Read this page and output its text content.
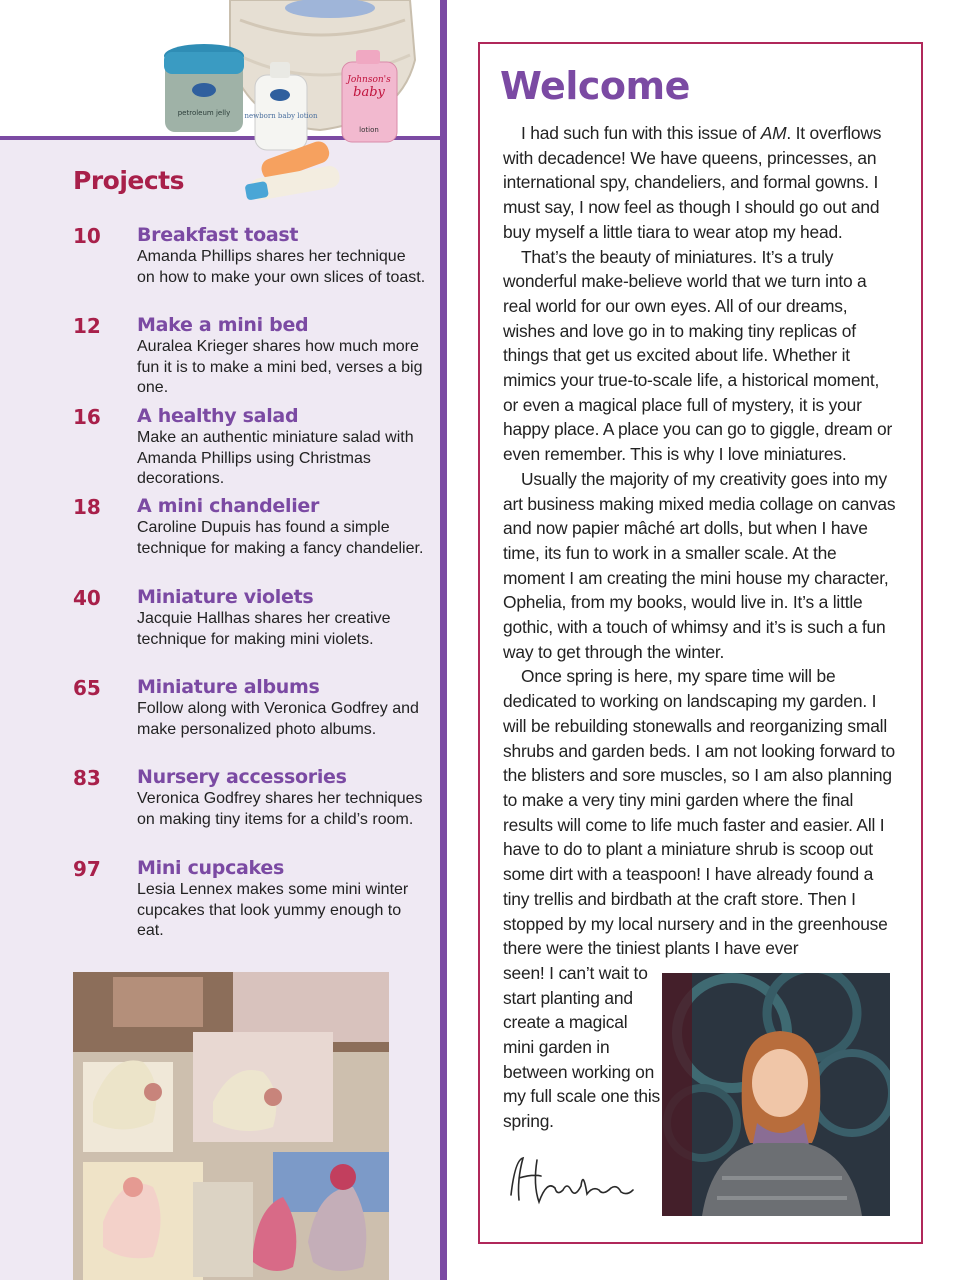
petroleum jelly newborn baby lotion
Johnson's
baby
lotion
Projects
10 Breakfast toast
Amanda Phillips shares her technique on how to make your own slices of toast.
12 Make a mini bed
Auralea Krieger shares how much more fun it is to make a mini bed, verses a big one.
16 A healthy salad
Make an authentic miniature salad with Amanda Phillips using Christmas decorations.
18 A mini chandelier
Caroline Dupuis has found a simple technique for making a fancy chandelier.
40 Miniature violets
Jacquie Hallhas shares her creative technique for making mini violets.
65 Miniature albums
Follow along with Veronica Godfrey and make personalized photo albums.
83 Nursery accessories
Veronica Godfrey shares her techniques on making tiny items for a child’s room.
97 Mini cupcakes
Lesia Lennex makes some mini winter cupcakes that look yummy enough to eat.
Welcome

I had such fun with this issue of AM. It overflows with decadence! We have queens, princesses, an international spy, chandeliers, and formal gowns. I must say, I now feel as though I should go out and buy myself a little tiara to wear atop my head.

That’s the beauty of miniatures. It’s a truly wonderful make-believe world that we turn into a real world for our own eyes. All of our dreams, wishes and love go in to making tiny replicas of things that get us excited about life. Whether it mimics your true-to-scale life, a historical moment, or even a magical place full of mystery, it is your happy place. A place you can go to giggle, dream or even remember. This is why I love miniatures.

Usually the majority of my creativity goes into my art business making mixed media collage on canvas and now papier mâché art dolls, but when I have time, its fun to work in a smaller scale. At the moment I am creating the mini house my character, Ophelia, from my books, would live in. It’s a little gothic, with a touch of whimsy and it’s is such a fun way to get through the winter.

Once spring is here, my spare time will be dedicated to working on landscaping my garden. I will be rebuilding stonewalls and reorganizing small shrubs and garden beds. I am not looking forward to the blisters and sore muscles, so I am also planning to make a very tiny mini garden where the final results will come to life much faster and easier. All I have to do to plant a miniature shrub is scoop out some dirt with a teaspoon! I have already found a tiny trellis and birdbath at the craft store. Then I stopped by my local nursery and in the greenhouse there were the tiniest plants I have ever

seen! I can’t wait to start planting and create a magical mini garden in between working on my full scale one this spring.
